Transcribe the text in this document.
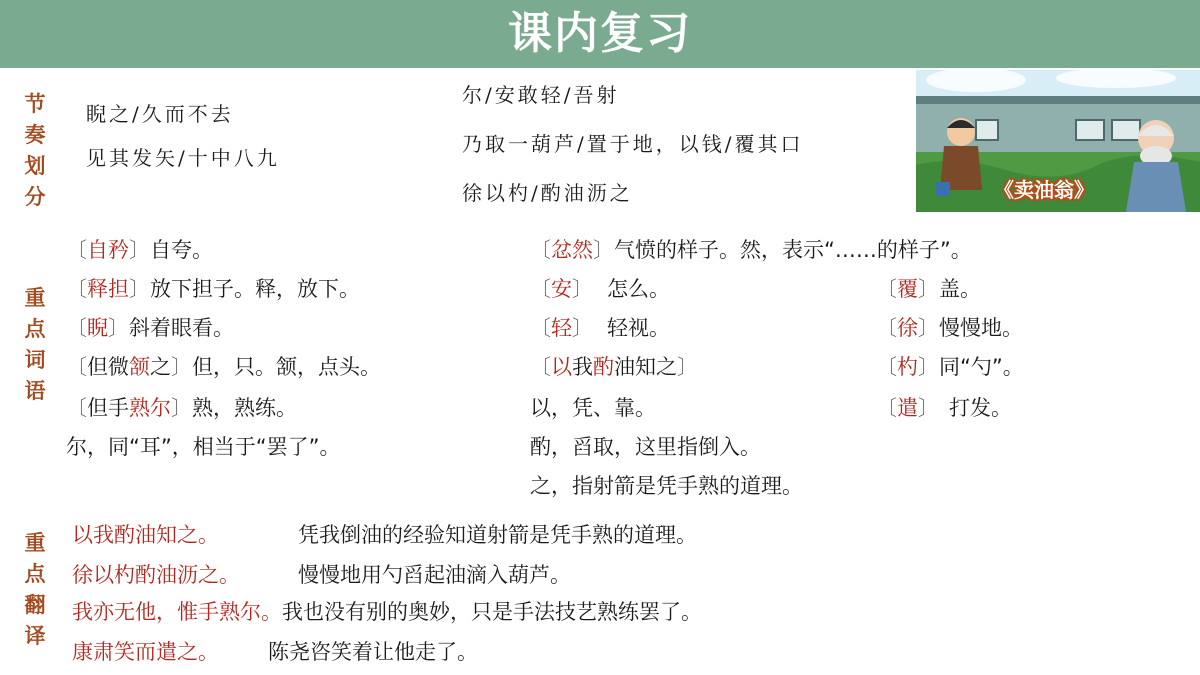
课内复习
节奏划分
重点词语
重点翻译
睨之/久而不去
见其发矢/十中八九
尔/安敢轻/吾射
乃取一葫芦/置于地，以钱/覆其口
徐以杓/酌油沥之	《卖油翁》
〔自矜〕自夸。
〔释担〕放下担子。释，放下。
〔睨〕斜着眼看。
〔但微颔之〕但，只。颔，点头。
〔但手熟尔〕熟，熟练。
尔，同“耳”，相当于“罢了”。
〔忿然〕气愤的样子。然，表示“……的样子”。
〔安〕 怎么。
〔轻〕 轻视。
〔以我酌油知之〕
以，凭、靠。
酌，舀取，这里指倒入。
之，指射箭是凭手熟的道理。
〔覆〕盖。
〔徐〕慢慢地。
〔杓〕同“勺”。
〔遣〕 打发。
以我酌油知之。	凭我倒油的经验知道射箭是凭手熟的道理。
徐以杓酌油沥之。	慢慢地用勺舀起油滴入葫芦。
我亦无他，惟手熟尔。我也没有别的奥妙，只是手法技艺熟练罢了。
康肃笑而遣之。 陈尧咨笑着让他走了。
